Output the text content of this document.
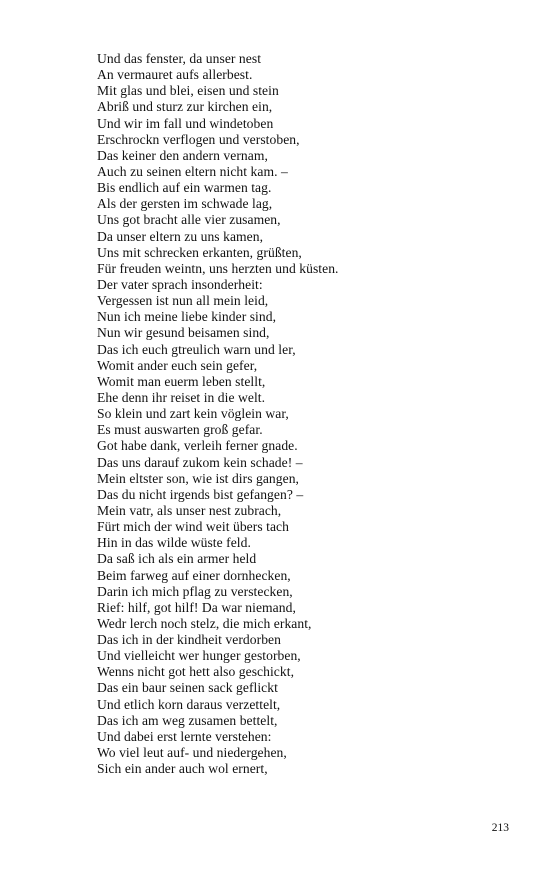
Und das fenster, da unser nest
An vermauret aufs allerbest.
Mit glas und blei, eisen und stein
Abriß und sturz zur kirchen ein,
Und wir im fall und windetoben
Erschrockn verflogen und verstoben,
Das keiner den andern vernam,
Auch zu seinen eltern nicht kam. –
Bis endlich auf ein warmen tag.
Als der gersten im schwade lag,
Uns got bracht alle vier zusamen,
Da unser eltern zu uns kamen,
Uns mit schrecken erkanten, grüßten,
Für freuden weintn, uns herzten und küsten.
Der vater sprach insonderheit:
Vergessen ist nun all mein leid,
Nun ich meine liebe kinder sind,
Nun wir gesund beisamen sind,
Das ich euch gtreulich warn und ler,
Womit ander euch sein gefer,
Womit man euerm leben stellt,
Ehe denn ihr reiset in die welt.
So klein und zart kein vöglein war,
Es must auswarten groß gefar.
Got habe dank, verleih ferner gnade.
Das uns darauf zukom kein schade! –
Mein eltster son, wie ist dirs gangen,
Das du nicht irgends bist gefangen? –
Mein vatr, als unser nest zubrach,
Fürt mich der wind weit übers tach
Hin in das wilde wüste feld.
Da saß ich als ein armer held
Beim farweg auf einer dornhecken,
Darin ich mich pflag zu verstecken,
Rief: hilf, got hilf! Da war niemand,
Wedr lerch noch stelz, die mich erkant,
Das ich in der kindheit verdorben
Und vielleicht wer hunger gestorben,
Wenns nicht got hett also geschickt,
Das ein baur seinen sack geflickt
Und etlich korn daraus verzettelt,
Das ich am weg zusamen bettelt,
Und dabei erst lernte verstehen:
Wo viel leut auf- und niedergehen,
Sich ein ander auch wol ernert,
213
